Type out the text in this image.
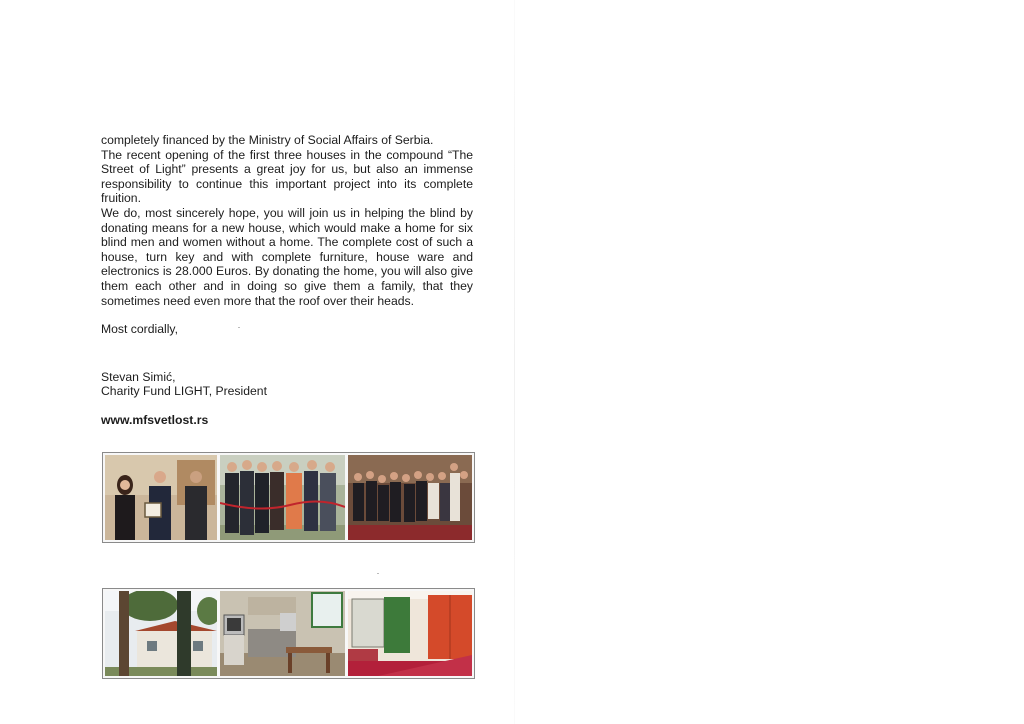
completely financed by the Ministry of Social Affairs of Serbia.

The recent opening of the first three houses in the compound “The Street of Light” presents a great joy for us, but also an immense responsibility to continue this important project into its complete fruition.

We do, most sincerely hope, you will join us in helping the blind by donating means for a new house, which would make a home for six blind men and women without a home. The complete cost of such a house, turn key and with complete furniture, house ware and electronics is 28.000 Euros. By donating the home, you will also give them each other and in doing so give them a family, that they sometimes need even more that the roof over their heads.

Most cordially,

Stevan Simić,

Charity Fund LIGHT, President

www.mfsvetlost.rs
